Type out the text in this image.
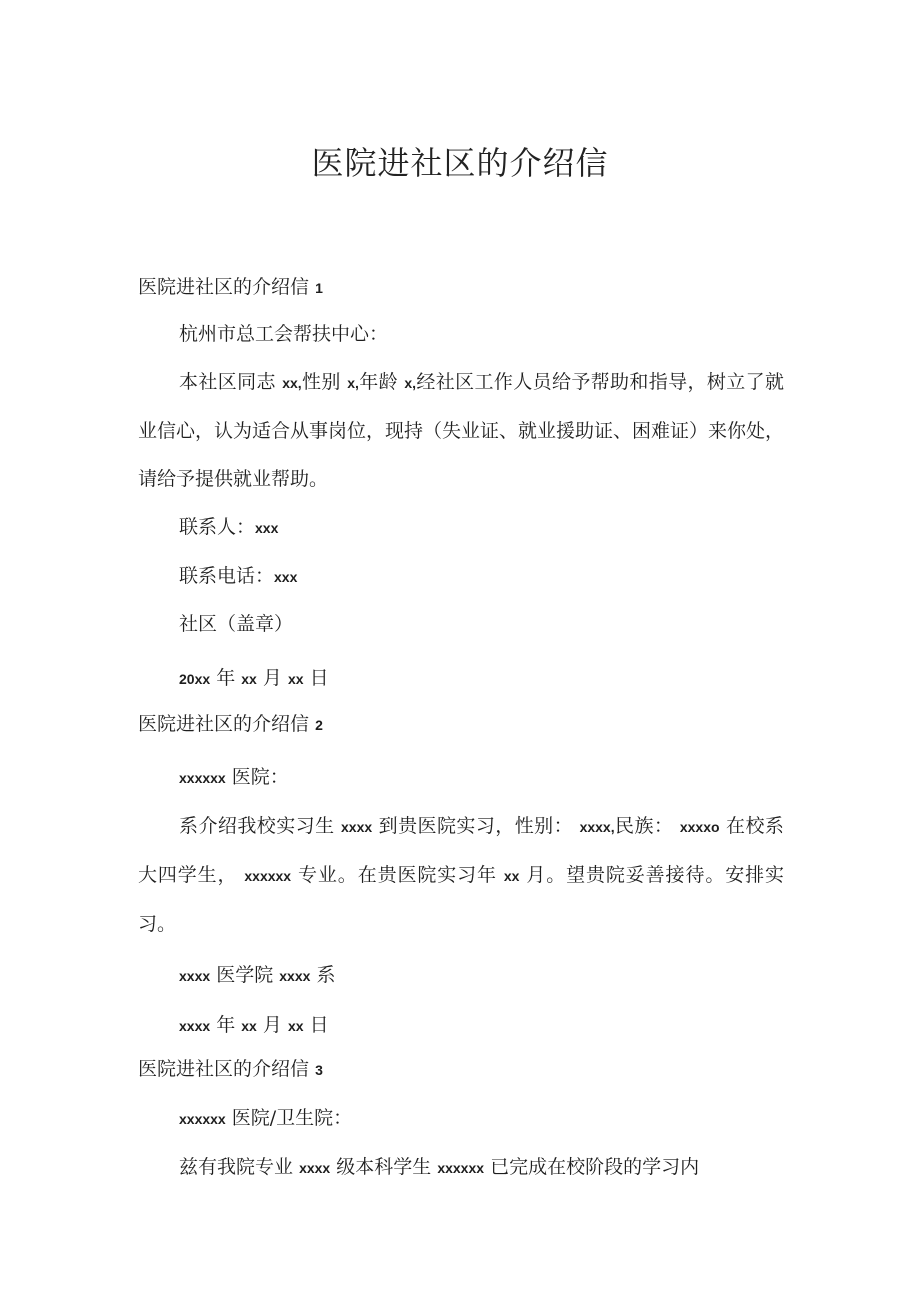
医院进社区的介绍信
医院进社区的介绍信 1
杭州市总工会帮扶中心：
本社区同志 xx,性别 x,年龄 x,经社区工作人员给予帮助和指导，树立了就业信心，认为适合从事岗位，现持（失业证、就业援助证、困难证）来你处，请给予提供就业帮助。
联系人：xxx
联系电话：xxx
社区（盖章）
20xx 年 xx 月 xx 日
医院进社区的介绍信 2
xxxxxx 医院：
系介绍我校实习生 xxxx 到贵医院实习，性别： xxxx,民族： xxxxo 在校系大四学生， xxxxxx 专业。在贵医院实习年 xx 月。望贵院妥善接待。安排实习。
xxxx 医学院 xxxx 系
xxxx 年 xx 月 xx 日
医院进社区的介绍信 3
xxxxxx 医院/卫生院：
兹有我院专业 xxxx 级本科学生 xxxxxx 已完成在校阶段的学习内
